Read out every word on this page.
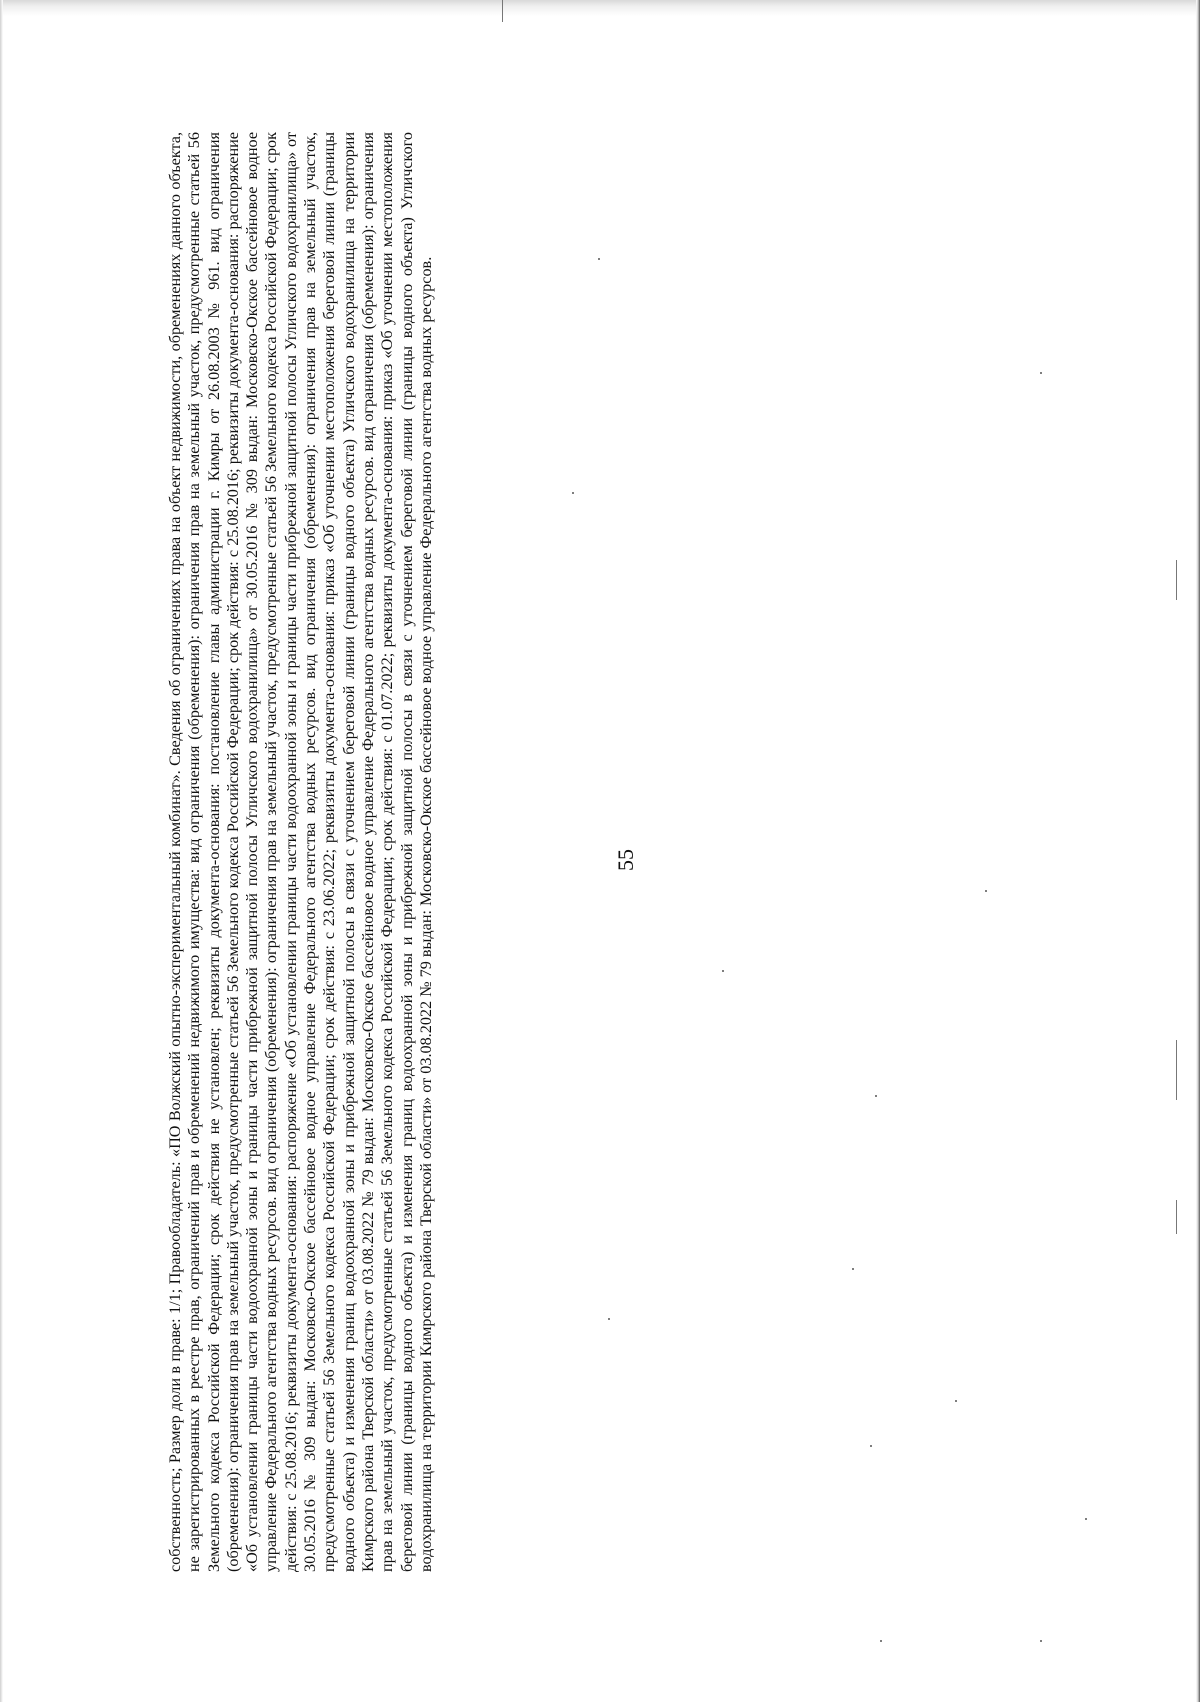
собственность; Размер доли в праве: 1/1; Правообладатель: «ПО Волжский опытно-экспериментальный комбинат». Сведения об ограничениях права на объект недвижимости, обременениях данного объекта, не зарегистрированных в реестре прав, ограничений прав и обременений недвижимого имущества: вид ограничения (обременения): ограничения прав на земельный участок, предусмотренные статьей 56 Земельного кодекса Российской Федерации; срок действия не установлен; реквизиты документа-основания: постановление главы администрации г. Кимры от 26.08.2003 № 961. вид ограничения (обременения): ограничения прав на земельный участок, предусмотренные статьей 56 Земельного кодекса Российской Федерации; срок действия: с 25.08.2016; реквизиты документа-основания: распоряжение «Об установлении границы части водоохранной зоны и границы части прибрежной защитной полосы Угличского водохранилища» от 30.05.2016 № 309 выдан: Московско-Окское бассейновое водное управление Федерального агентства водных ресурсов. вид ограничения (обременения): ограничения прав на земельный участок, предусмотренные статьей 56 Земельного кодекса Российской Федерации; срок действия: с 25.08.2016; реквизиты документа-основания: распоряжение «Об установлении границы части водоохранной зоны и границы части прибрежной защитной полосы Угличского водохранилища» от 30.05.2016 № 309 выдан: Московско-Окское бассейновое водное управление Федерального агентства водных ресурсов. вид ограничения (обременения): ограничения прав на земельный участок, предусмотренные статьей 56 Земельного кодекса Российской Федерации; срок действия: с 23.06.2022; реквизиты документа-основания: приказ «Об уточнении местоположения береговой линии (границы водного объекта) и изменения границ водоохранной зоны и прибрежной защитной полосы в связи с уточнением береговой линии (границы водного объекта) Угличского водохранилища на территории Кимрского района Тверской области» от 03.08.2022 № 79 выдан: Московско-Окское бассейновое водное управление Федерального агентства водных ресурсов. вид ограничения (обременения): ограничения прав на земельный участок, предусмотренные статьей 56 Земельного кодекса Российской Федерации; срок действия: с 01.07.2022; реквизиты документа-основания: приказ «Об уточнении местоположения береговой линии (границы водного объекта) и изменения границ водоохранной зоны и прибрежной защитной полосы в связи с уточнением береговой линии (границы водного объекта) Угличского водохранилища на территории Кимрского района Тверской области» от 03.08.2022 № 79 выдан: Московско-Окское бассейновое водное управление Федерального агентства водных ресурсов.	55
